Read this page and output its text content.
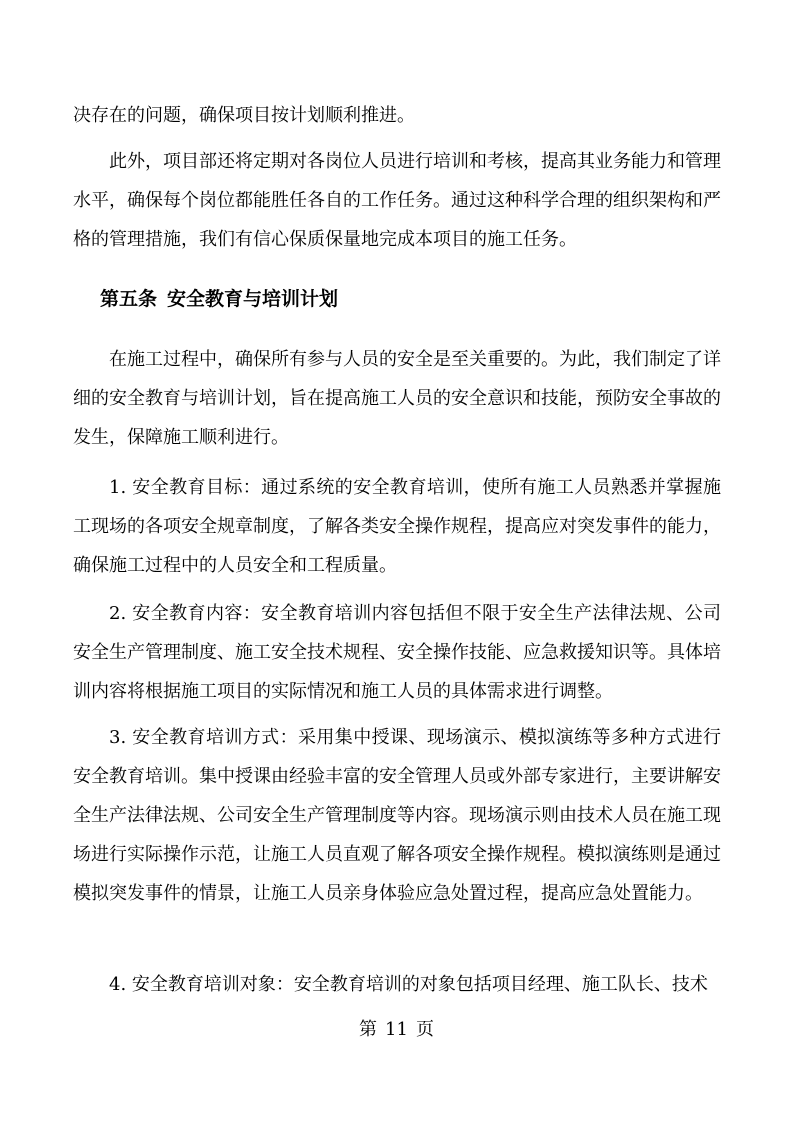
决存在的问题，确保项目按计划顺利推进。

此外，项目部还将定期对各岗位人员进行培训和考核，提高其业务能力和管理水平，确保每个岗位都能胜任各自的工作任务。通过这种科学合理的组织架构和严格的管理措施，我们有信心保质保量地完成本项目的施工任务。

第五条 安全教育与培训计划

在施工过程中，确保所有参与人员的安全是至关重要的。为此，我们制定了详细的安全教育与培训计划，旨在提高施工人员的安全意识和技能，预防安全事故的发生，保障施工顺利进行。

1. 安全教育目标：通过系统的安全教育培训，使所有施工人员熟悉并掌握施工现场的各项安全规章制度，了解各类安全操作规程，提高应对突发事件的能力，确保施工过程中的人员安全和工程质量。

2. 安全教育内容：安全教育培训内容包括但不限于安全生产法律法规、公司安全生产管理制度、施工安全技术规程、安全操作技能、应急救援知识等。具体培训内容将根据施工项目的实际情况和施工人员的具体需求进行调整。

3. 安全教育培训方式：采用集中授课、现场演示、模拟演练等多种方式进行安全教育培训。集中授课由经验丰富的安全管理人员或外部专家进行，主要讲解安全生产法律法规、公司安全生产管理制度等内容。现场演示则由技术人员在施工现场进行实际操作示范，让施工人员直观了解各项安全操作规程。模拟演练则是通过模拟突发事件的情景，让施工人员亲身体验应急处置过程，提高应急处置能力。

4. 安全教育培训对象：安全教育培训的对象包括项目经理、施工队长、技术

第 11 页
